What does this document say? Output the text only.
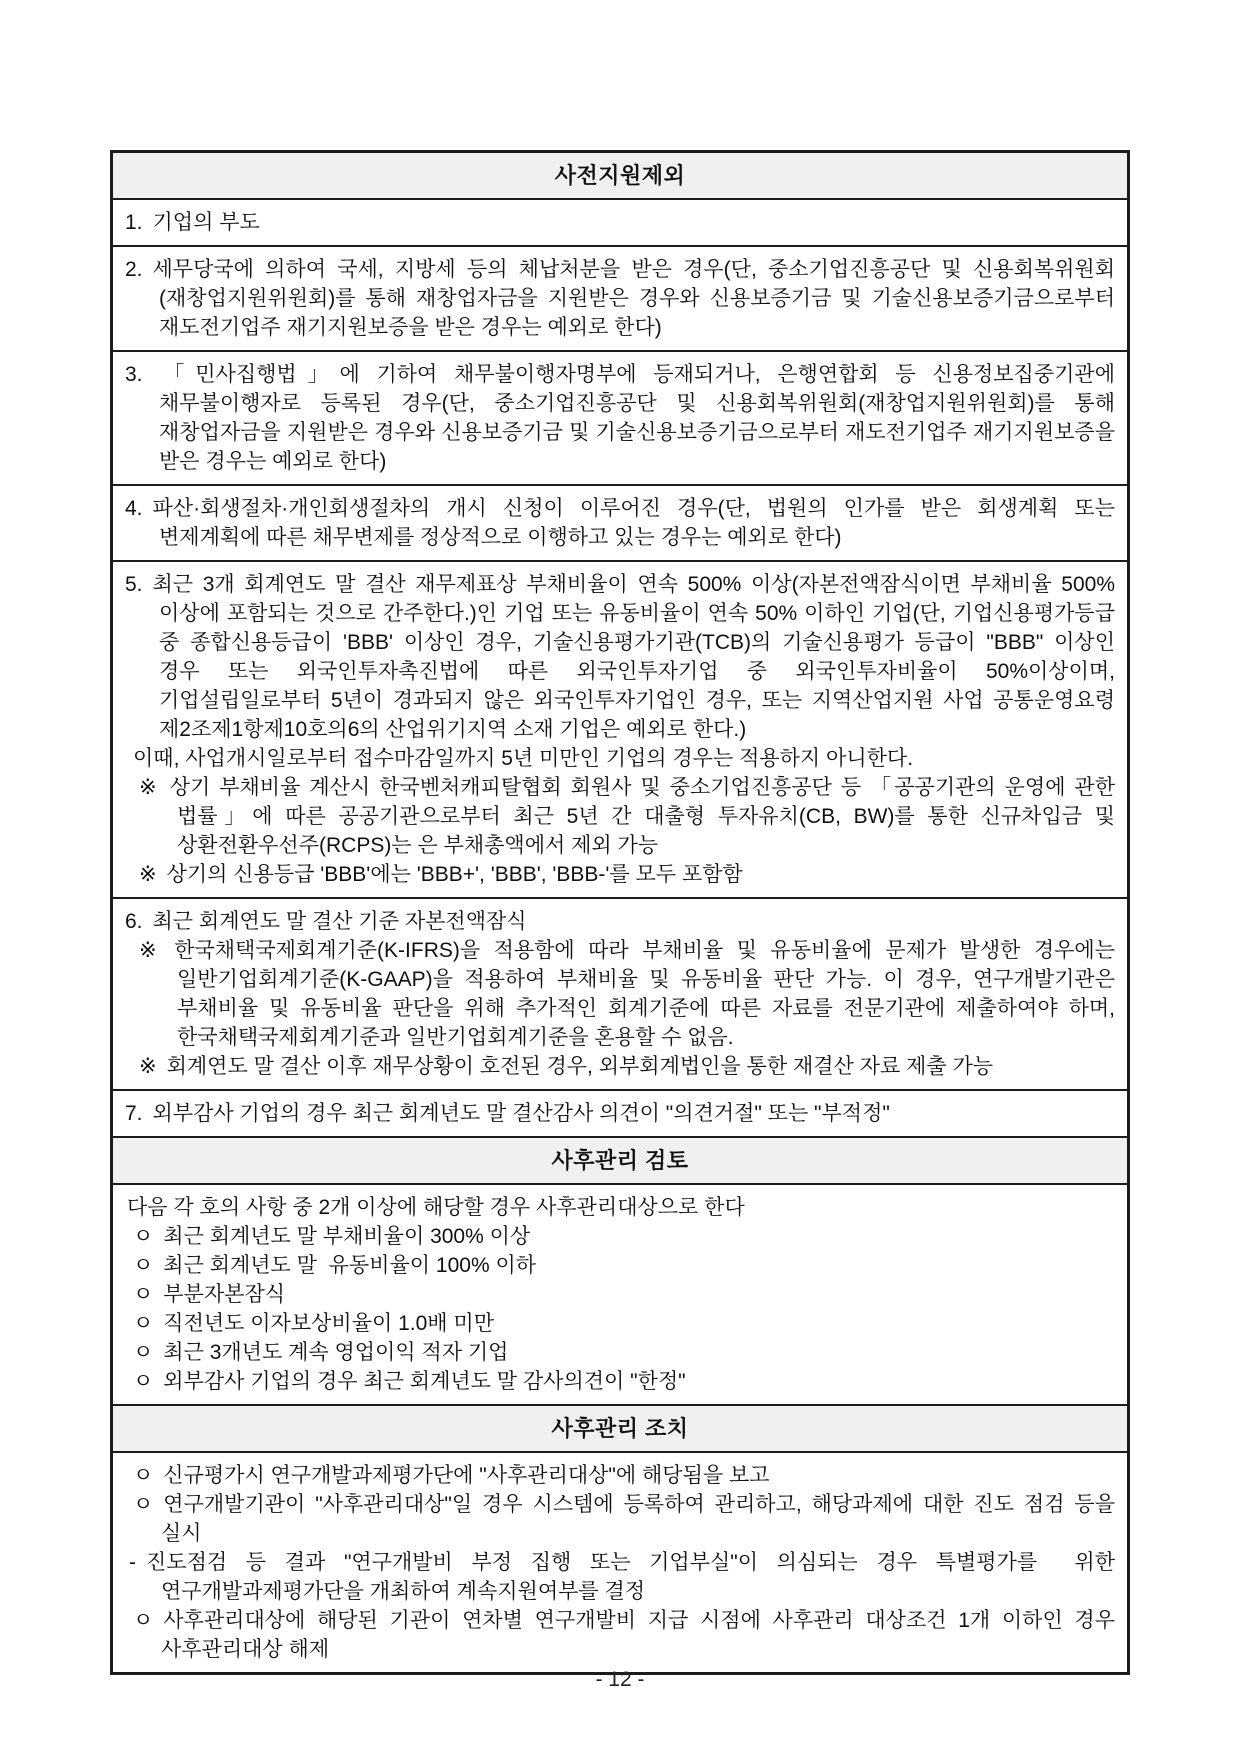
사전지원제외
1. 기업의 부도
2. 세무당국에 의하여 국세, 지방세 등의 체납처분을 받은 경우(단, 중소기업진흥공단 및 신용회복위원회(재창업지원위원회)를 통해 재창업자금을 지원받은 경우와 신용보증기금 및 기술신용보증기금으로부터 재도전기업주 재기지원보증을 받은 경우는 예외로 한다)
3. 「민사집행법」에 기하여 채무불이행자명부에 등재되거나, 은행연합회 등 신용정보집중기관에 채무불이행자로 등록된 경우(단, 중소기업진흥공단 및 신용회복위원회(재창업지원위원회)를 통해 재창업자금을 지원받은 경우와 신용보증기금 및 기술신용보증기금으로부터 재도전기업주 재기지원보증을 받은 경우는 예외로 한다)
4. 파산·회생절차·개인회생절차의 개시 신청이 이루어진 경우(단, 법원의 인가를 받은 회생계획 또는 변제계획에 따른 채무변제를 정상적으로 이행하고 있는 경우는 예외로 한다)
5. 최근 3개 회계연도 말 결산 재무제표상 부채비율이 연속 500% 이상(자본전액잠식이면 부채비율 500% 이상에 포함되는 것으로 간주한다.)인 기업 또는 유동비율이 연속 50% 이하인 기업(단, 기업신용평가등급 중 종합신용등급이 'BBB' 이상인 경우, 기술신용평가기관(TCB)의 기술신용평가 등급이 "BBB" 이상인 경우 또는 외국인투자촉진법에 따른 외국인투자기업 중 외국인투자비율이 50%이상이며, 기업설립일로부터 5년이 경과되지 않은 외국인투자기업인 경우, 또는 지역산업지원 사업 공통운영요령 제2조제1항제10호의6의 산업위기지역 소재 기업은 예외로 한다.)
이때, 사업개시일로부터 접수마감일까지 5년 미만인 기업의 경우는 적용하지 아니한다.
※ 상기 부채비율 계산시 한국벤처캐피탈협회 회원사 및 중소기업진흥공단 등 「공공기관의 운영에 관한 법률」에 따른 공공기관으로부터 최근 5년 간 대출형 투자유치(CB, BW)를 통한 신규차입금 및 상환전환우선주(RCPS)는 은 부채총액에서 제외 가능
※ 상기의 신용등급 'BBB'에는 'BBB+', 'BBB', 'BBB-'를 모두 포함함
6. 최근 회계연도 말 결산 기준 자본전액잠식
※ 한국채택국제회계기준(K-IFRS)을 적용함에 따라 부채비율 및 유동비율에 문제가 발생한 경우에는 일반기업회계기준(K-GAAP)을 적용하여 부채비율 및 유동비율 판단 가능. 이 경우, 연구개발기관은 부채비율 및 유동비율 판단을 위해 추가적인 회계기준에 따른 자료를 전문기관에 제출하여야 하며, 한국채택국제회계기준과 일반기업회계기준을 혼용할 수 없음.
※ 회계연도 말 결산 이후 재무상황이 호전된 경우, 외부회계법인을 통한 재결산 자료 제출 가능
7. 외부감사 기업의 경우 최근 회계년도 말 결산감사 의견이 "의견거절" 또는 "부적정"
사후관리 검토
다음 각 호의 사항 중 2개 이상에 해당할 경우 사후관리대상으로 한다
ㅇ 최근 회계년도 말 부채비율이 300% 이상
ㅇ 최근 회계년도 말  유동비율이 100% 이하
ㅇ 부분자본잠식
ㅇ 직전년도 이자보상비율이 1.0배 미만
ㅇ 최근 3개년도 계속 영업이익 적자 기업
ㅇ 외부감사 기업의 경우 최근 회계년도 말 감사의견이 "한정"
사후관리 조치
ㅇ 신규평가시 연구개발과제평가단에 "사후관리대상"에 해당됨을 보고
ㅇ 연구개발기관이 "사후관리대상"일 경우 시스템에 등록하여 관리하고, 해당과제에 대한 진도 점검 등을 실시
- 진도점검 등 결과 "연구개발비 부정 집행 또는 기업부실"이 의심되는 경우 특별평가를  위한 연구개발과제평가단을 개최하여 계속지원여부를 결정
ㅇ 사후관리대상에 해당된 기관이 연차별 연구개발비 지급 시점에 사후관리 대상조건 1개 이하인 경우 사후관리대상 해제
- 12 -
